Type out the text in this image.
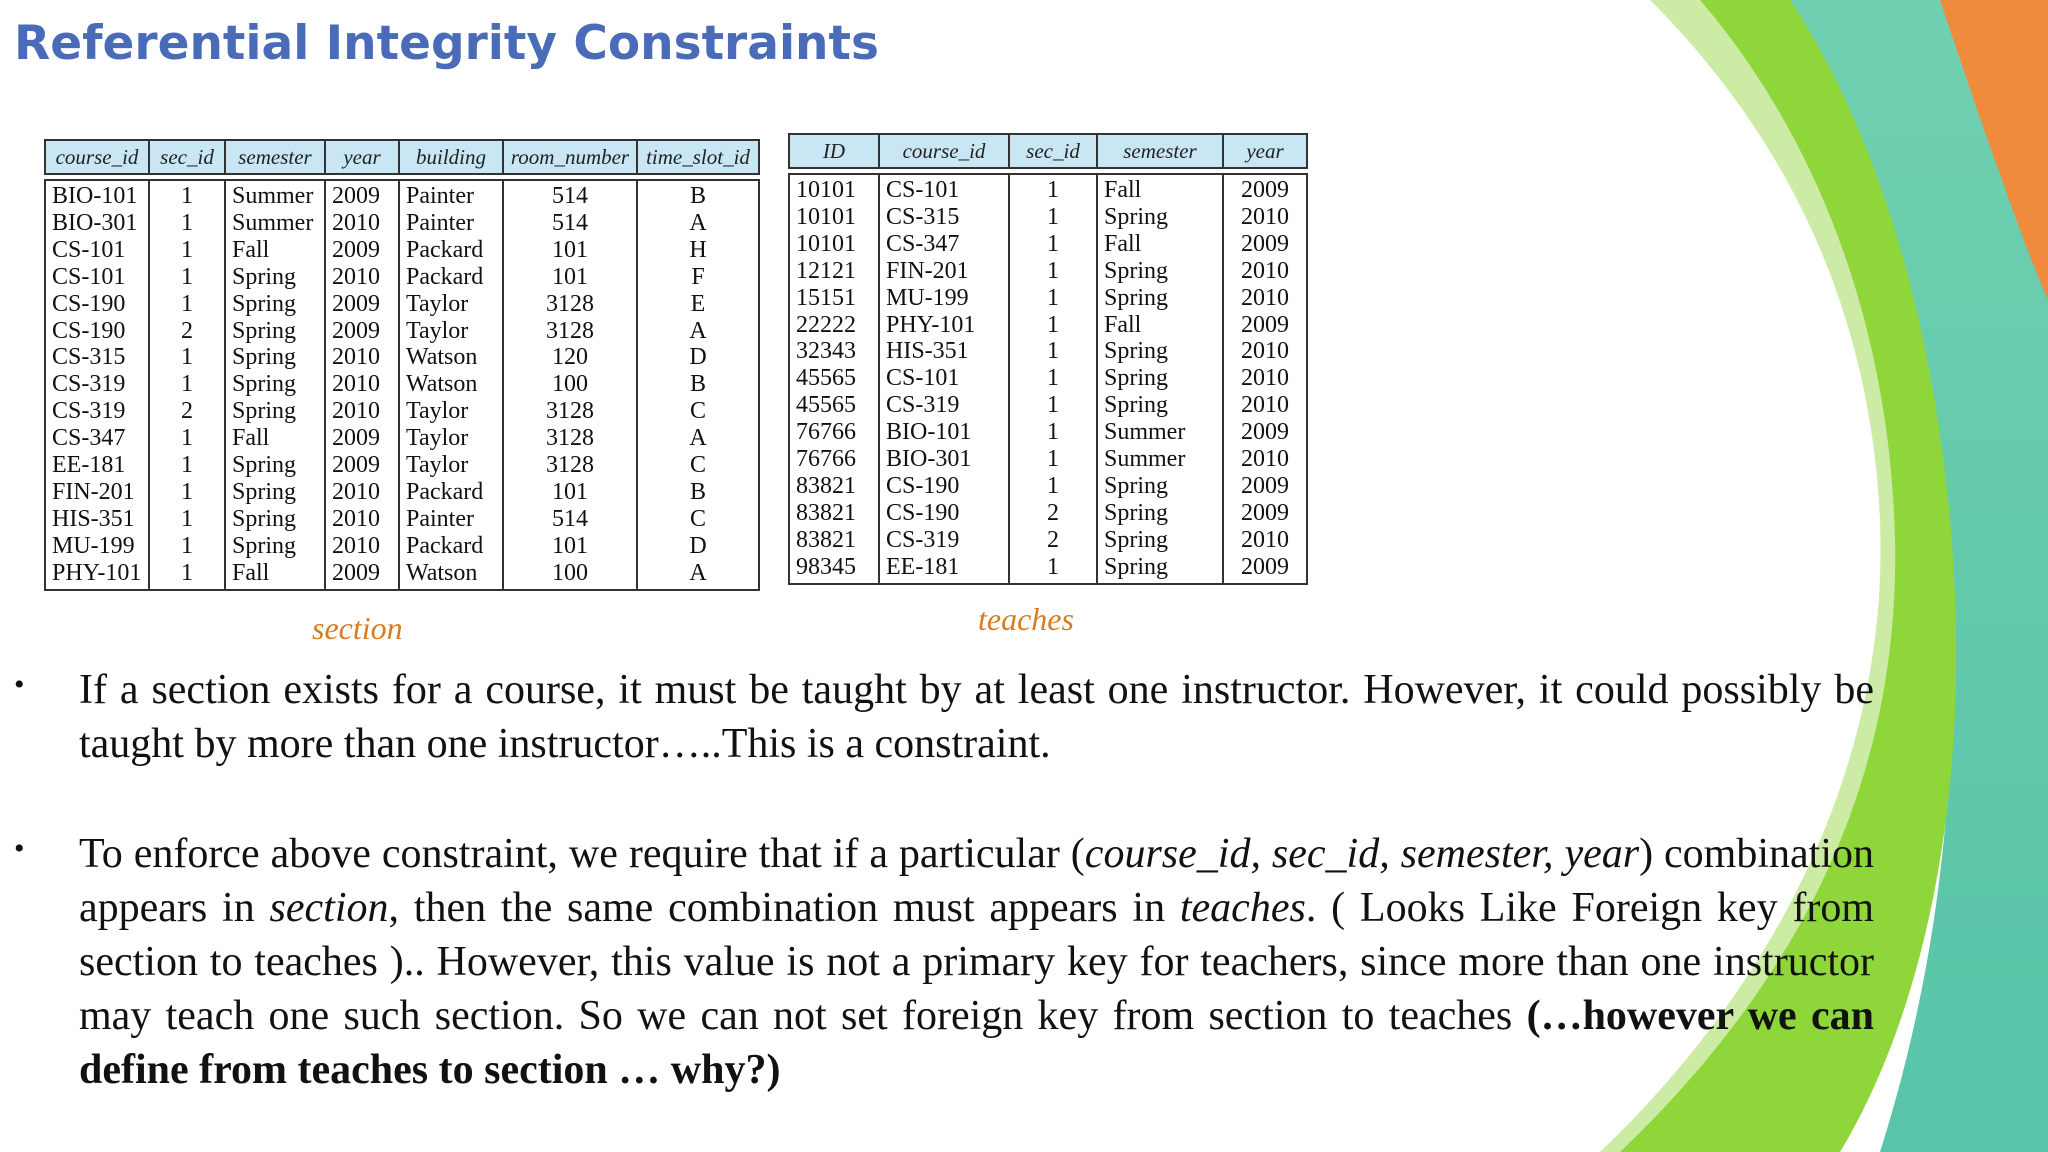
Referential Integrity Constraints
course_id	sec_id	semester	year	building	room_number	time_slot_id

BIO-101	1	Summer	2009	Painter	514	B
BIO-301	1	Summer	2010	Painter	514	A
CS-101	1	Fall	2009	Packard	101	H
CS-101	1	Spring	2010	Packard	101	F
CS-190	1	Spring	2009	Taylor	3128	E
CS-190	2	Spring	2009	Taylor	3128	A
CS-315	1	Spring	2010	Watson	120	D
CS-319	1	Spring	2010	Watson	100	B
CS-319	2	Spring	2010	Taylor	3128	C
CS-347	1	Fall	2009	Taylor	3128	A
EE-181	1	Spring	2009	Taylor	3128	C
FIN-201	1	Spring	2010	Packard	101	B
HIS-351	1	Spring	2010	Painter	514	C
MU-199	1	Spring	2010	Packard	101	D
PHY-101	1	Fall	2009	Watson	100	A
section
ID	course_id	sec_id	semester	year

10101	CS-101	1	Fall	2009
10101	CS-315	1	Spring	2010
10101	CS-347	1	Fall	2009
12121	FIN-201	1	Spring	2010
15151	MU-199	1	Spring	2010
22222	PHY-101	1	Fall	2009
32343	HIS-351	1	Spring	2010
45565	CS-101	1	Spring	2010
45565	CS-319	1	Spring	2010
76766	BIO-101	1	Summer	2009
76766	BIO-301	1	Summer	2010
83821	CS-190	1	Spring	2009
83821	CS-190	2	Spring	2009
83821	CS-319	2	Spring	2010
98345	EE-181	1	Spring	2009
teaches
• If a section exists for a course, it must be taught by at least one instructor. However, it could possibly be taught by more than one instructor…..This is a constraint.
• To enforce above constraint, we require that if a particular (course_id, sec_id, semester, year) combination appears in section, then the same combination must appears in teaches. ( Looks Like Foreign key from section to teaches ).. However, this value is not a primary key for teachers, since more than one instructor may teach one such section. So we can not set foreign key from section to teaches (…however we can define from teaches to section … why?)
